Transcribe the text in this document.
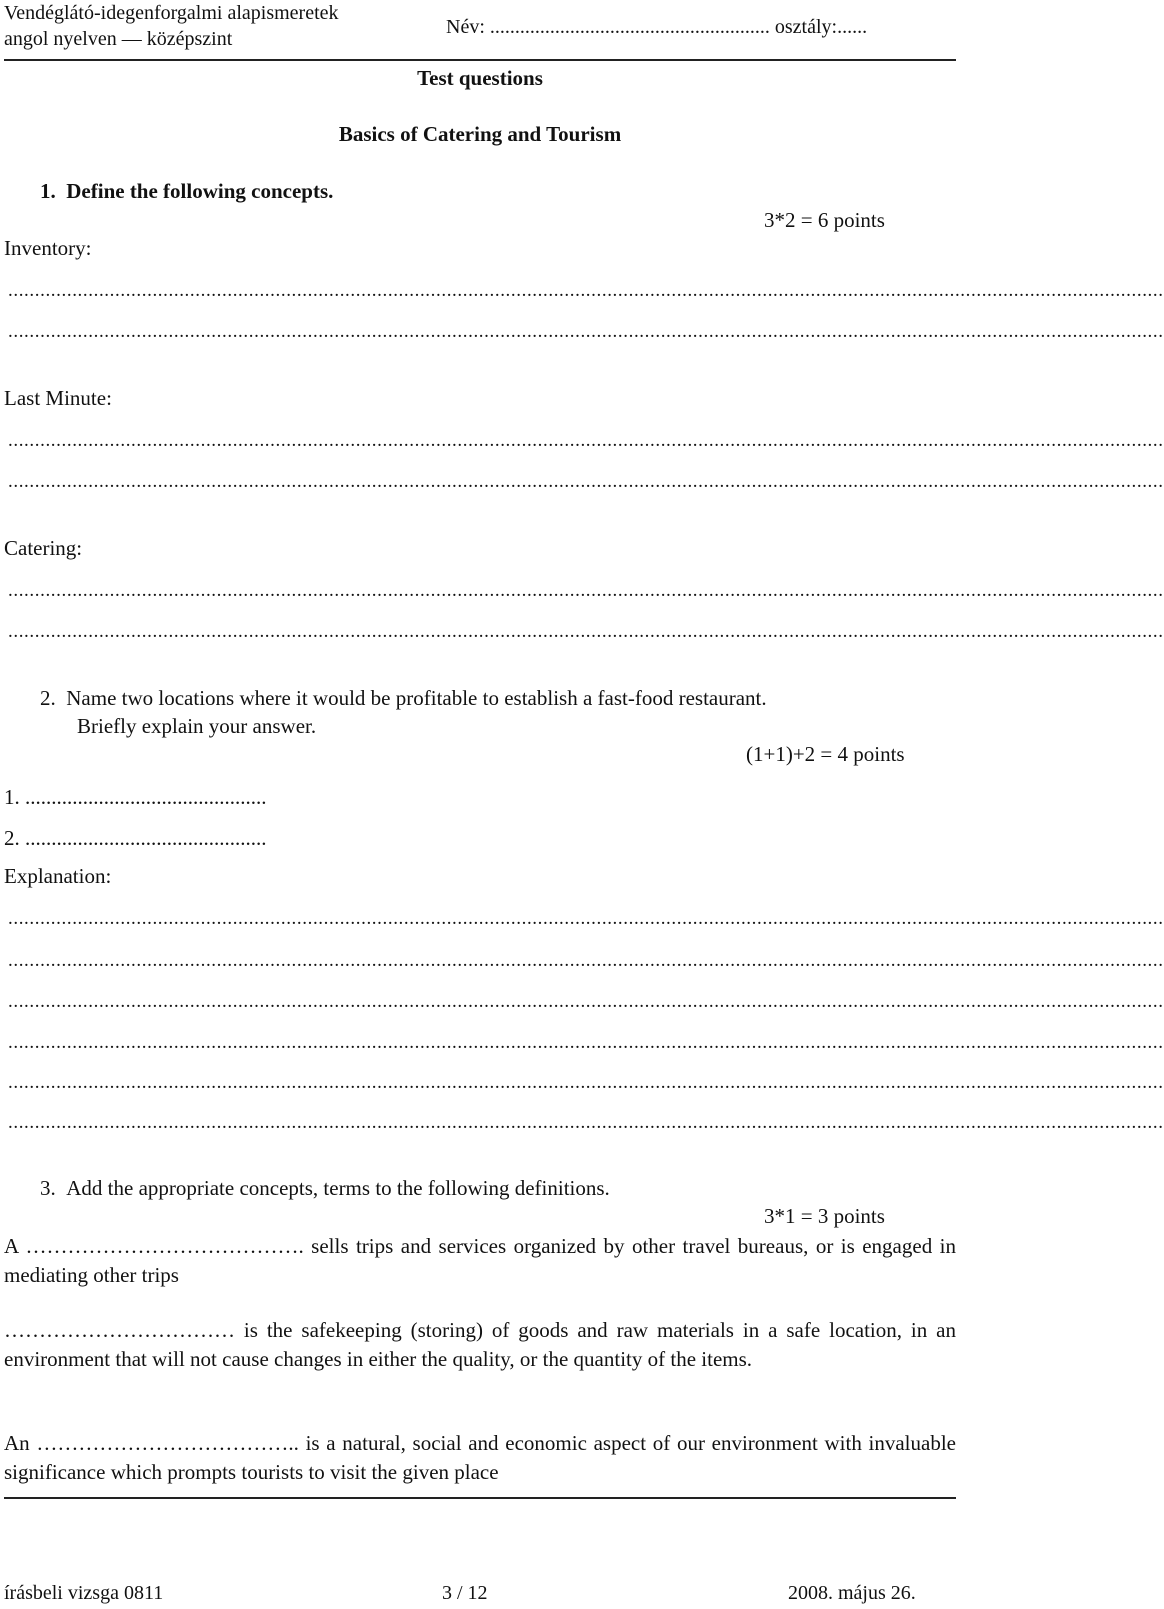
Vendéglátó-idegenforgalmi alapismeretek
angol nyelven — középszint
Név: ........................................................ osztály:......
Test questions
Basics of Catering and Tourism
1.  Define the following concepts.
3*2 = 6 points
Inventory:
........................................................................................................................................................................................................................
........................................................................................................................................................................................................................
Last Minute:
........................................................................................................................................................................................................................
........................................................................................................................................................................................................................
Catering:
........................................................................................................................................................................................................................
........................................................................................................................................................................................................................
2.  Name two locations where it would be profitable to establish a fast-food restaurant.
Briefly explain your answer.
(1+1)+2 = 4 points
1. ..............................................
2. ..............................................
Explanation:
........................................................................................................................................................................................................................
........................................................................................................................................................................................................................
........................................................................................................................................................................................................................
........................................................................................................................................................................................................................
........................................................................................................................................................................................................................
........................................................................................................................................................................................................................
3.  Add the appropriate concepts, terms to the following definitions.
3*1 = 3 points
A …………………………………. sells trips and services organized by other travel bureaus, or is engaged in mediating other trips
…………………………… is the safekeeping (storing) of goods and raw materials in a safe location, in an environment that will not cause changes in either the quality, or the quantity of the items.
An ……………………………….. is a natural, social and economic aspect of our environment with invaluable significance which prompts tourists to visit the given place
írásbeli vizsga 0811	3 / 12	2008. május 26.
